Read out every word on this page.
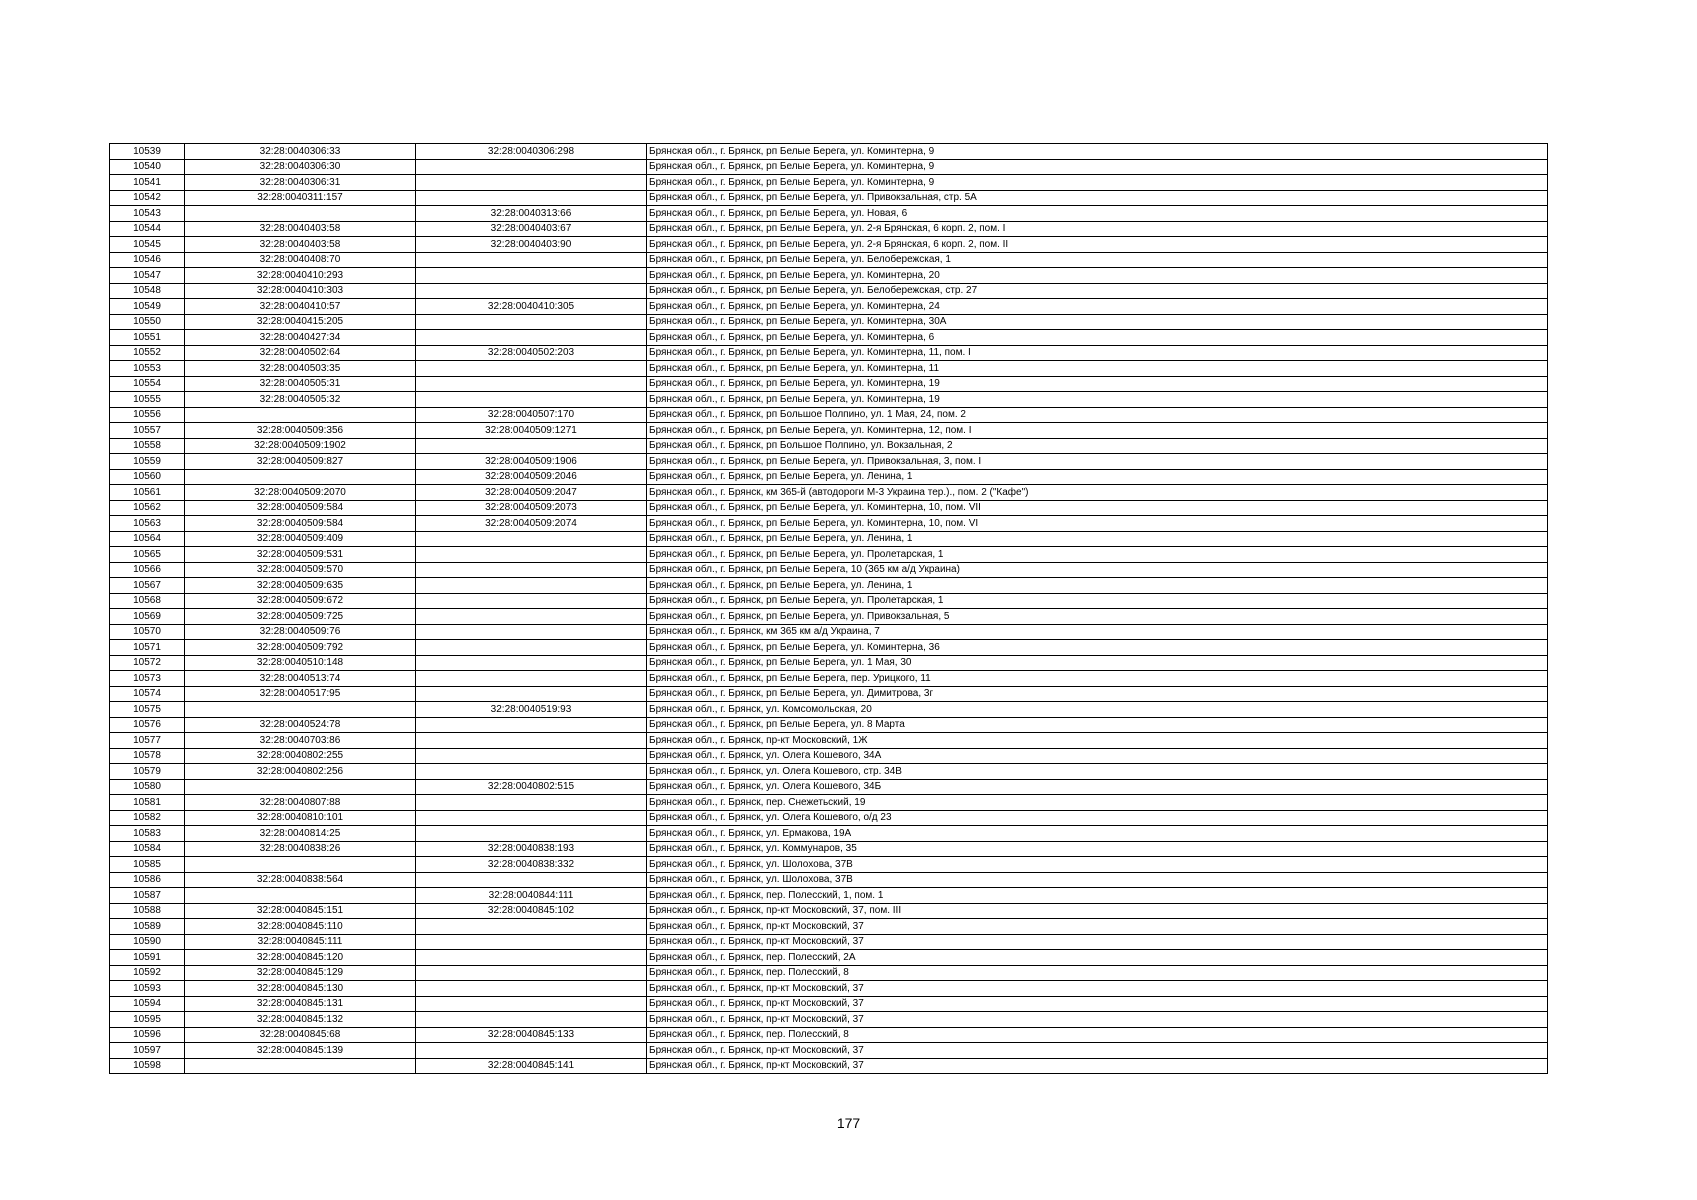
10539	32:28:0040306:33	32:28:0040306:298	Брянская обл., г. Брянск, рп Белые Берега, ул. Коминтерна, 9
10540	32:28:0040306:30		Брянская обл., г. Брянск, рп Белые Берега, ул. Коминтерна, 9
10541	32:28:0040306:31		Брянская обл., г. Брянск, рп Белые Берега, ул. Коминтерна, 9
10542	32:28:0040311:157		Брянская обл., г. Брянск, рп Белые Берега, ул. Привокзальная, стр. 5А
10543		32:28:0040313:66	Брянская обл., г. Брянск, рп Белые Берега, ул. Новая, 6
10544	32:28:0040403:58	32:28:0040403:67	Брянская обл., г. Брянск, рп Белые Берега, ул. 2-я Брянская, 6 корп. 2, пом. I
10545	32:28:0040403:58	32:28:0040403:90	Брянская обл., г. Брянск, рп Белые Берега, ул. 2-я Брянская, 6 корп. 2, пом. II
10546	32:28:0040408:70		Брянская обл., г. Брянск, рп Белые Берега, ул. Белобережская, 1
10547	32:28:0040410:293		Брянская обл., г. Брянск, рп Белые Берега, ул. Коминтерна, 20
10548	32:28:0040410:303		Брянская обл., г. Брянск, рп Белые Берега, ул. Белобережская, стр. 27
10549	32:28:0040410:57	32:28:0040410:305	Брянская обл., г. Брянск, рп Белые Берега, ул. Коминтерна, 24
10550	32:28:0040415:205		Брянская обл., г. Брянск, рп Белые Берега, ул. Коминтерна, 30А
10551	32:28:0040427:34		Брянская обл., г. Брянск, рп Белые Берега, ул. Коминтерна, 6
10552	32:28:0040502:64	32:28:0040502:203	Брянская обл., г. Брянск, рп Белые Берега, ул. Коминтерна, 11, пом. I
10553	32:28:0040503:35		Брянская обл., г. Брянск, рп Белые Берега, ул. Коминтерна, 11
10554	32:28:0040505:31		Брянская обл., г. Брянск, рп Белые Берега, ул. Коминтерна, 19
10555	32:28:0040505:32		Брянская обл., г. Брянск, рп Белые Берега, ул. Коминтерна, 19
10556		32:28:0040507:170	Брянская обл., г. Брянск, рп Большое Полпино, ул. 1 Мая, 24, пом. 2
10557	32:28:0040509:356	32:28:0040509:1271	Брянская обл., г. Брянск, рп Белые Берега, ул. Коминтерна, 12, пом. I
10558	32:28:0040509:1902		Брянская обл., г. Брянск, рп Большое Полпино, ул. Вокзальная, 2
10559	32:28:0040509:827	32:28:0040509:1906	Брянская обл., г. Брянск, рп Белые Берега, ул. Привокзальная, 3, пом. I
10560		32:28:0040509:2046	Брянская обл., г. Брянск, рп Белые Берега, ул. Ленина, 1
10561	32:28:0040509:2070	32:28:0040509:2047	Брянская обл., г. Брянск, км 365-й (автодороги М-3 Украина тер.)., пом. 2 ("Кафе")
10562	32:28:0040509:584	32:28:0040509:2073	Брянская обл., г. Брянск, рп Белые Берега, ул. Коминтерна, 10, пом. VII
10563	32:28:0040509:584	32:28:0040509:2074	Брянская обл., г. Брянск, рп Белые Берега, ул. Коминтерна, 10, пом. VI
10564	32:28:0040509:409		Брянская обл., г. Брянск, рп Белые Берега, ул. Ленина, 1
10565	32:28:0040509:531		Брянская обл., г. Брянск, рп Белые Берега, ул. Пролетарская, 1
10566	32:28:0040509:570		Брянская обл., г. Брянск, рп Белые Берега, 10 (365 км а/д Украина)
10567	32:28:0040509:635		Брянская обл., г. Брянск, рп Белые Берега, ул. Ленина, 1
10568	32:28:0040509:672		Брянская обл., г. Брянск, рп Белые Берега, ул. Пролетарская, 1
10569	32:28:0040509:725		Брянская обл., г. Брянск, рп Белые Берега, ул. Привокзальная, 5
10570	32:28:0040509:76		Брянская обл., г. Брянск, км 365 км а/д Украина, 7
10571	32:28:0040509:792		Брянская обл., г. Брянск, рп Белые Берега, ул. Коминтерна, 36
10572	32:28:0040510:148		Брянская обл., г. Брянск, рп Белые Берега, ул. 1 Мая, 30
10573	32:28:0040513:74		Брянская обл., г. Брянск, рп Белые Берега, пер. Урицкого, 11
10574	32:28:0040517:95		Брянская обл., г. Брянск, рп Белые Берега, ул. Димитрова, 3г
10575		32:28:0040519:93	Брянская обл., г. Брянск, ул. Комсомольская, 20
10576	32:28:0040524:78		Брянская обл., г. Брянск, рп Белые Берега, ул. 8 Марта
10577	32:28:0040703:86		Брянская обл., г. Брянск, пр-кт Московский, 1Ж
10578	32:28:0040802:255		Брянская обл., г. Брянск, ул. Олега Кошевого, 34А
10579	32:28:0040802:256		Брянская обл., г. Брянск, ул. Олега Кошевого, стр. 34В
10580		32:28:0040802:515	Брянская обл., г. Брянск, ул. Олега Кошевого, 34Б
10581	32:28:0040807:88		Брянская обл., г. Брянск, пер. Снежетьский, 19
10582	32:28:0040810:101		Брянская обл., г. Брянск, ул. Олега Кошевого, о/д 23
10583	32:28:0040814:25		Брянская обл., г. Брянск, ул. Ермакова, 19А
10584	32:28:0040838:26	32:28:0040838:193	Брянская обл., г. Брянск, ул. Коммунаров, 35
10585		32:28:0040838:332	Брянская обл., г. Брянск, ул. Шолохова, 37В
10586	32:28:0040838:564		Брянская обл., г. Брянск, ул. Шолохова, 37В
10587		32:28:0040844:111	Брянская обл., г. Брянск, пер. Полесский, 1, пом. 1
10588	32:28:0040845:151	32:28:0040845:102	Брянская обл., г. Брянск, пр-кт Московский, 37, пом. III
10589	32:28:0040845:110		Брянская обл., г. Брянск, пр-кт Московский, 37
10590	32:28:0040845:111		Брянская обл., г. Брянск, пр-кт Московский, 37
10591	32:28:0040845:120		Брянская обл., г. Брянск, пер. Полесский, 2А
10592	32:28:0040845:129		Брянская обл., г. Брянск, пер. Полесский, 8
10593	32:28:0040845:130		Брянская обл., г. Брянск, пр-кт Московский, 37
10594	32:28:0040845:131		Брянская обл., г. Брянск, пр-кт Московский, 37
10595	32:28:0040845:132		Брянская обл., г. Брянск, пр-кт Московский, 37
10596	32:28:0040845:68	32:28:0040845:133	Брянская обл., г. Брянск, пер. Полесский, 8
10597	32:28:0040845:139		Брянская обл., г. Брянск, пр-кт Московский, 37
10598		32:28:0040845:141	Брянская обл., г. Брянск, пр-кт Московский, 37
177
